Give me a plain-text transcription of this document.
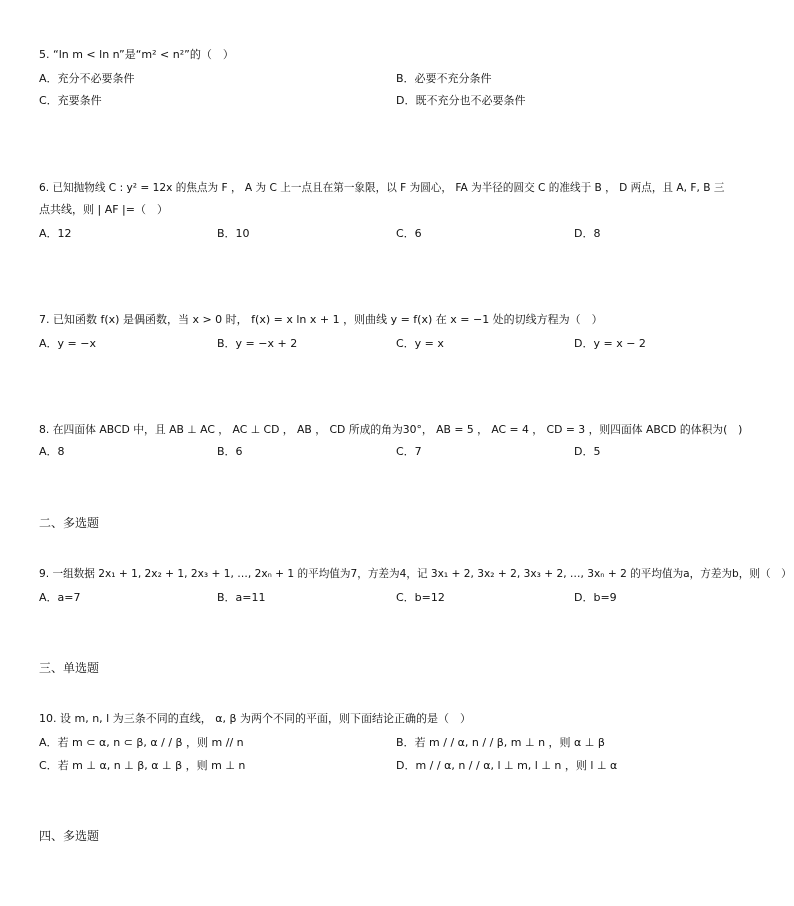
5. “ln m < ln n”是“m² < n²”的（　）
A．充分不必要条件	B．必要不充分条件
C．充要条件	D．既不充分也不必要条件
6. 已知抛物线 C : y² = 12x 的焦点为 F ， A 为 C 上一点且在第一象限，以 F 为圆心， FA 为半径的圆交 C 的准线于 B ， D 两点，且 A, F, B 三
点共线，则 | AF |=（　）
A．12	B．10	C．6	D．8
7. 已知函数 f(x) 是偶函数，当 x > 0 时， f(x) = x ln x + 1 ，则曲线 y = f(x) 在 x = −1 处的切线方程为（　）
A．y = −x	B．y = −x + 2	C．y = x	D．y = x − 2
8. 在四面体 ABCD 中，且 AB ⊥ AC ， AC ⊥ CD ， AB ， CD 所成的角为30°， AB = 5 ， AC = 4 ， CD = 3 ，则四面体 ABCD 的体积为(　)
A．8	B．6	C．7	D．5
二、多选题
9. 一组数据 2x₁ + 1, 2x₂ + 1, 2x₃ + 1, …, 2xₙ + 1 的平均值为7，方差为4，记 3x₁ + 2, 3x₂ + 2, 3x₃ + 2, …, 3xₙ + 2 的平均值为a，方差为b，则（　）
A．a=7	B．a=11	C．b=12	D．b=9
三、单选题
10. 设 m, n, l 为三条不同的直线， α, β 为两个不同的平面，则下面结论正确的是（　）
A．若 m ⊂ α, n ⊂ β, α / / β ，则 m // n	B．若 m / / α, n / / β, m ⊥ n ，则 α ⊥ β
C．若 m ⊥ α, n ⊥ β, α ⊥ β ，则 m ⊥ n	D．m / / α, n / / α, l ⊥ m, l ⊥ n ，则 l ⊥ α
四、多选题
